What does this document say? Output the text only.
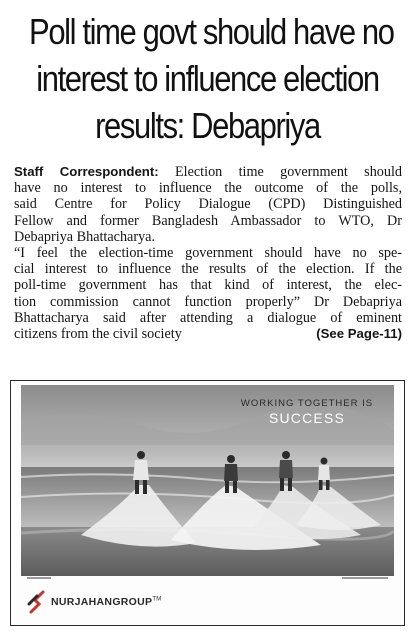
Poll time govt should have no
interest to influence election
results: Debapriya
Staff Correspondent: Election time government should
have no interest to influence the outcome of the polls,
said Centre for Policy Dialogue (CPD) Distinguished
Fellow and former Bangladesh Ambassador to WTO, Dr
Debapriya Bhattacharya.
“I feel the election-time government should have no spe-
cial interest to influence the results of the election. If the
poll-time government has that kind of interest, the elec-
tion commission cannot function properly” Dr Debapriya
Bhattacharya said after attending a dialogue of eminent
citizens from the civil society	(See Page-11)
WORKING TOGETHER IS
SUCCESS
NURJAHANGROUP™
